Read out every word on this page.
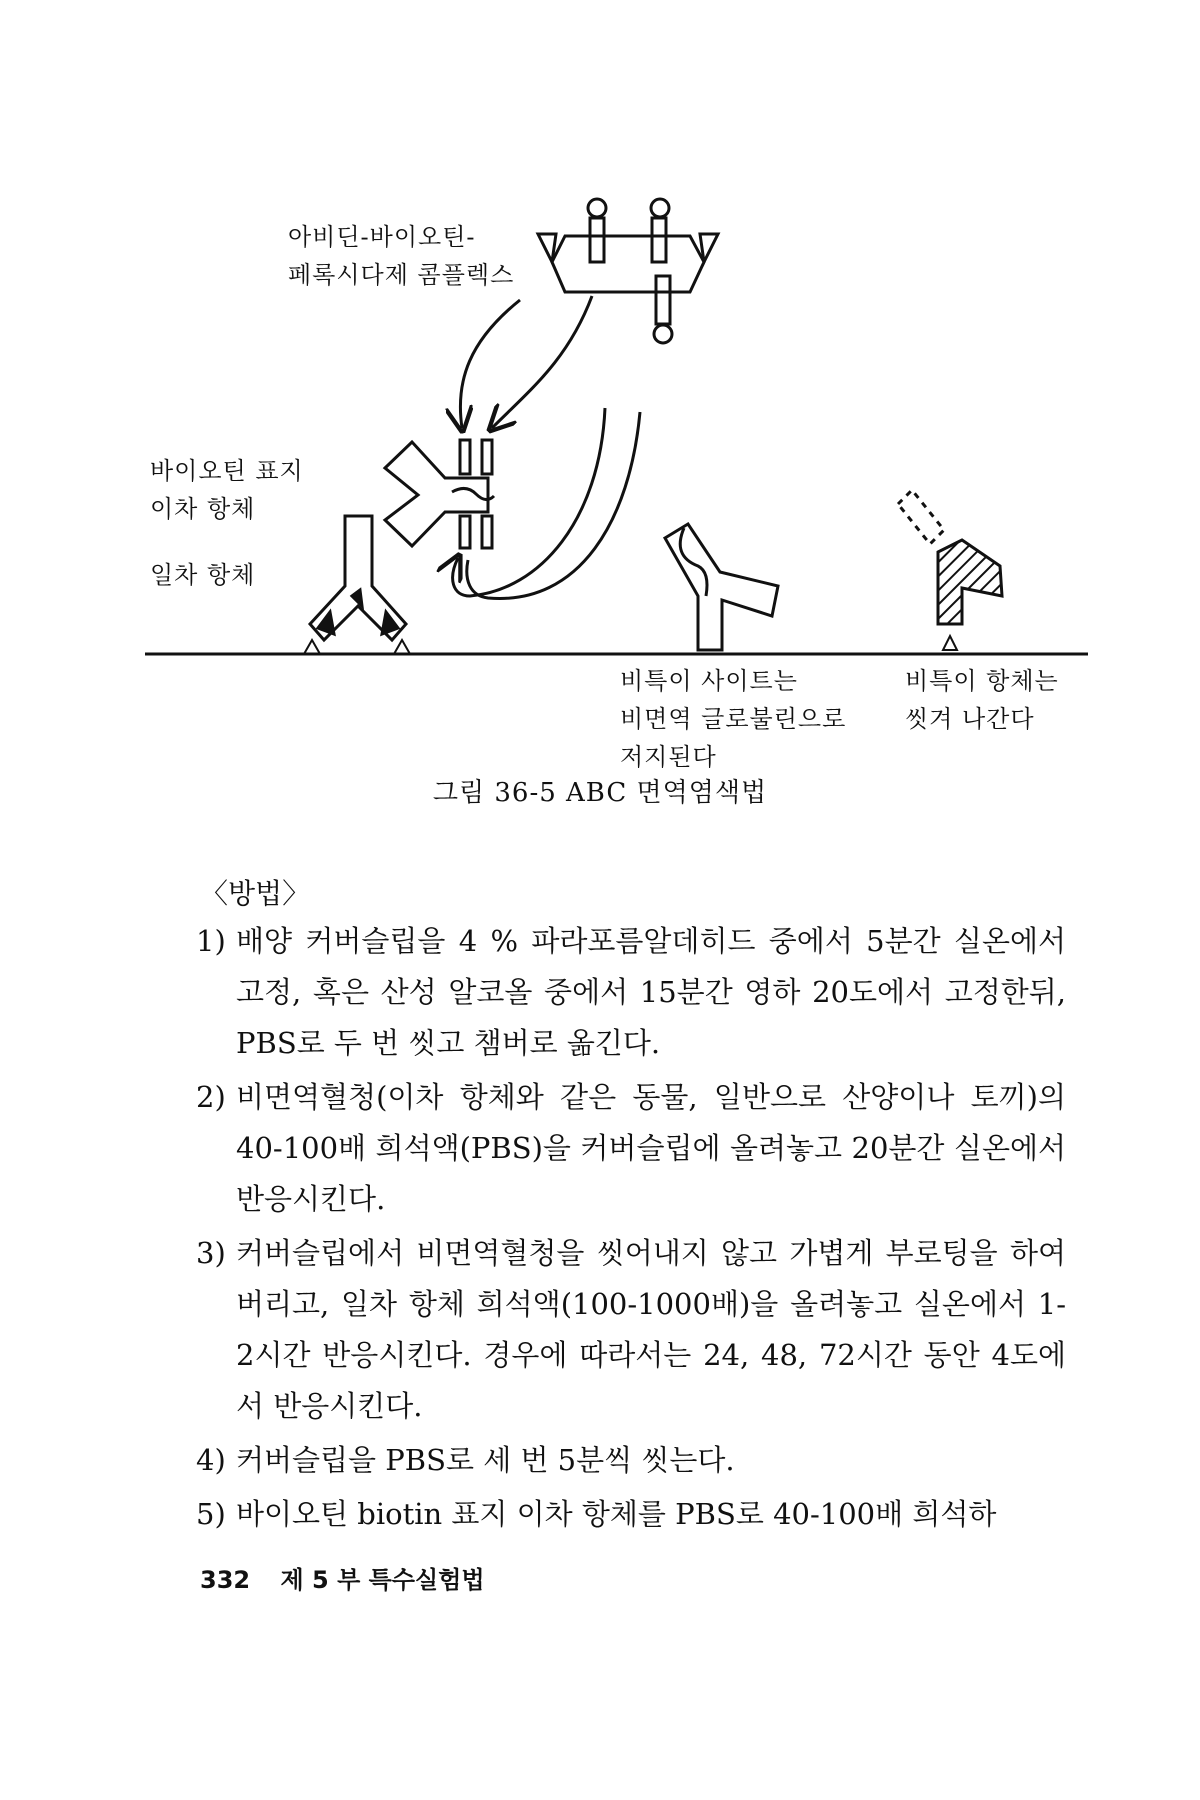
아비딘-바이오틴-
페록시다제 콤플렉스
바이오틴 표지
이차 항체
일차 항체
비특이 사이트는
비면역 글로불린으로
저지된다
비특이 항체는
씻겨 나간다
그림 36-5 ABC 면역염색법
〈방법〉
1) 배양 커버슬립을 4 % 파라포름알데히드 중에서 5분간 실온에서 고정, 혹은 산성 알코올 중에서 15분간 영하 20도에서 고정한뒤, PBS로 두 번 씻고 챔버로 옮긴다.
2) 비면역혈청(이차 항체와 같은 동물, 일반으로 산양이나 토끼)의 40-100배 희석액(PBS)을 커버슬립에 올려놓고 20분간 실온에서 반응시킨다.
3) 커버슬립에서 비면역혈청을 씻어내지 않고 가볍게 부로팅을 하여 버리고, 일차 항체 희석액(100-1000배)을 올려놓고 실온에서 1-2시간 반응시킨다. 경우에 따라서는 24, 48, 72시간 동안 4도에서 반응시킨다.
4) 커버슬립을 PBS로 세 번 5분씩 씻는다.
5) 바이오틴 biotin 표지 이차 항체를 PBS로 40-100배 희석하
332 제 5 부 특수실험법
